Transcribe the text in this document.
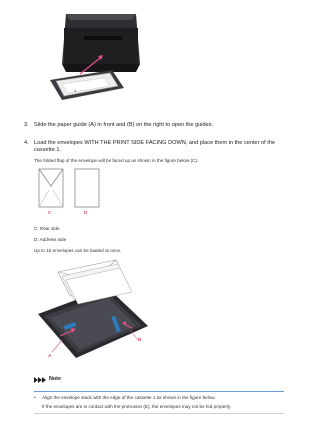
1
3. Slide the paper guide (A) in front and (B) on the right to open the guides.
4. Load the envelopes WITH THE PRINT SIDE FACING DOWN, and place them in the center of the cassette 1.
The folded flap of the envelope will be faced up as shown in the figure below (C).
C	D
C: Rear side
D: Address side
Up to 10 envelopes can be loaded at once.
A
B
Note
• Align the envelope stack with the edge of the cassette 1 as shown in the figure below.
If the envelopes are in contact with the protrusion (E), the envelopes may not be fed properly.
